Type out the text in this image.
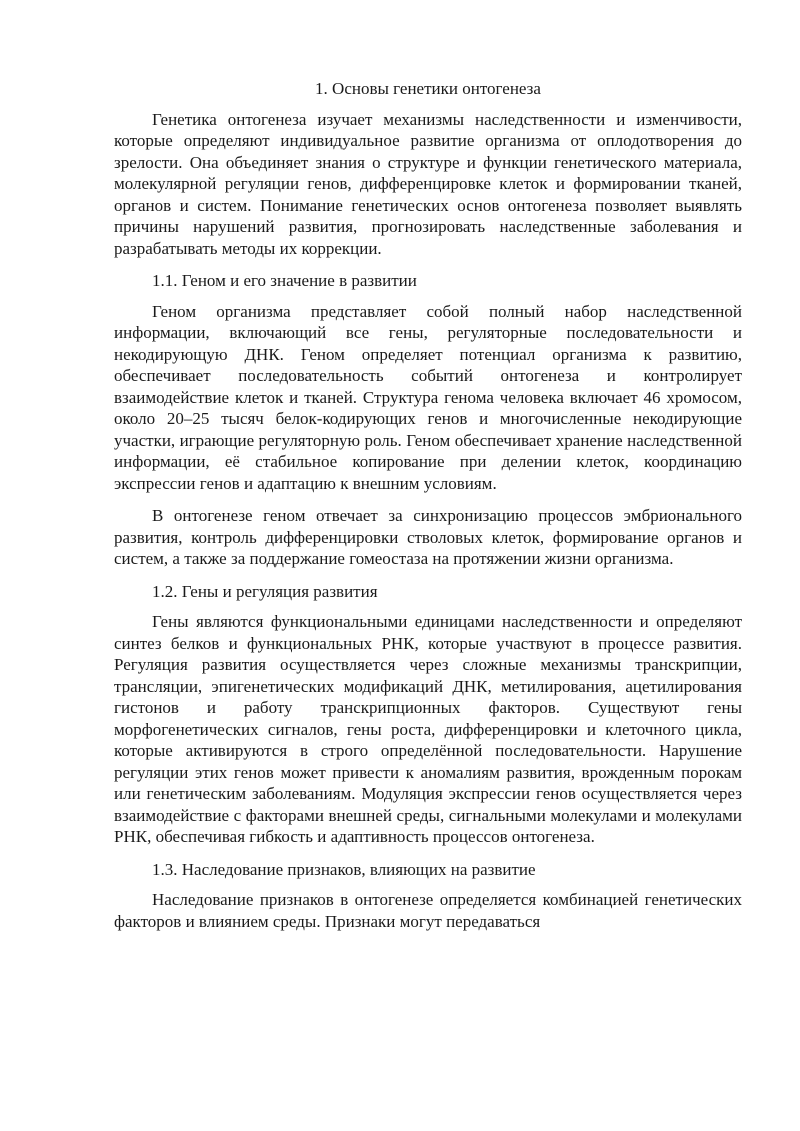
1. Основы генетики онтогенеза

Генетика онтогенеза изучает механизмы наследственности и изменчивости, которые определяют индивидуальное развитие организма от оплодотворения до зрелости. Она объединяет знания о структуре и функции генетического материала, молекулярной регуляции генов, дифференцировке клеток и формировании тканей, органов и систем. Понимание генетических основ онтогенеза позволяет выявлять причины нарушений развития, прогнозировать наследственные заболевания и разрабатывать методы их коррекции.

1.1. Геном и его значение в развитии

Геном организма представляет собой полный набор наследственной информации, включающий все гены, регуляторные последовательности и некодирующую ДНК. Геном определяет потенциал организма к развитию, обеспечивает последовательность событий онтогенеза и контролирует взаимодействие клеток и тканей. Структура генома человека включает 46 хромосом, около 20–25 тысяч белок-кодирующих генов и многочисленные некодирующие участки, играющие регуляторную роль. Геном обеспечивает хранение наследственной информации, её стабильное копирование при делении клеток, координацию экспрессии генов и адаптацию к внешним условиям.

В онтогенезе геном отвечает за синхронизацию процессов эмбрионального развития, контроль дифференцировки стволовых клеток, формирование органов и систем, а также за поддержание гомеостаза на протяжении жизни организма.

1.2. Гены и регуляция развития

Гены являются функциональными единицами наследственности и определяют синтез белков и функциональных РНК, которые участвуют в процессе развития. Регуляция развития осуществляется через сложные механизмы транскрипции, трансляции, эпигенетических модификаций ДНК, метилирования, ацетилирования гистонов и работу транскрипционных факторов. Существуют гены морфогенетических сигналов, гены роста, дифференцировки и клеточного цикла, которые активируются в строго определённой последовательности. Нарушение регуляции этих генов может привести к аномалиям развития, врожденным порокам или генетическим заболеваниям. Модуляция экспрессии генов осуществляется через взаимодействие с факторами внешней среды, сигнальными молекулами и молекулами РНК, обеспечивая гибкость и адаптивность процессов онтогенеза.

1.3. Наследование признаков, влияющих на развитие

Наследование признаков в онтогенезе определяется комбинацией генетических факторов и влиянием среды. Признаки могут передаваться
